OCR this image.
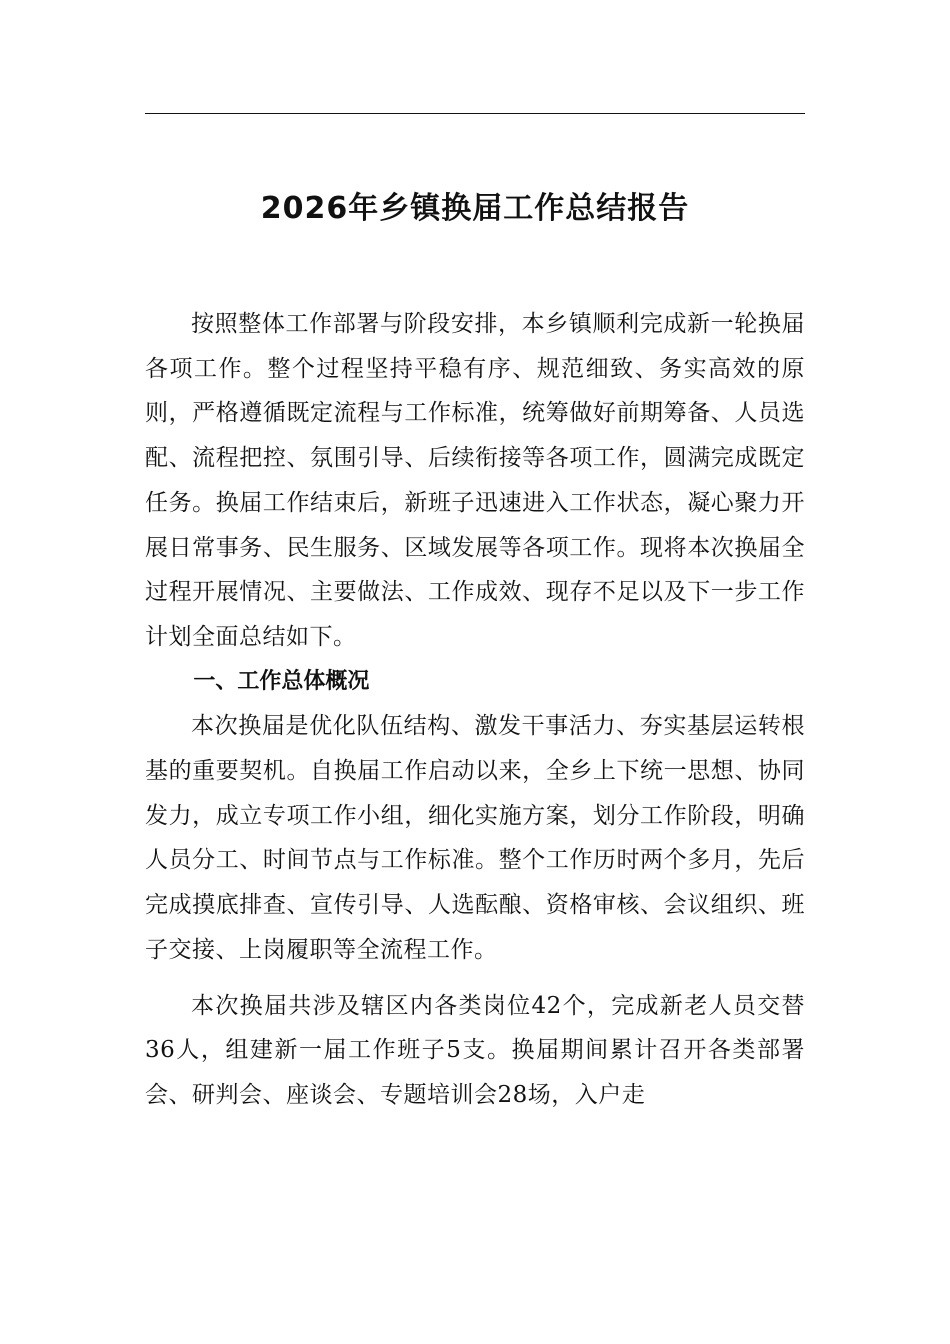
2026年乡镇换届工作总结报告

按照整体工作部署与阶段安排，本乡镇顺利完成新一轮换届各项工作。整个过程坚持平稳有序、规范细致、务实高效的原则，严格遵循既定流程与工作标准，统筹做好前期筹备、人员选配、流程把控、氛围引导、后续衔接等各项工作，圆满完成既定任务。换届工作结束后，新班子迅速进入工作状态，凝心聚力开展日常事务、民生服务、区域发展等各项工作。现将本次换届全过程开展情况、主要做法、工作成效、现存不足以及下一步工作计划全面总结如下。

一、工作总体概况

本次换届是优化队伍结构、激发干事活力、夯实基层运转根基的重要契机。自换届工作启动以来，全乡上下统一思想、协同发力，成立专项工作小组，细化实施方案，划分工作阶段，明确人员分工、时间节点与工作标准。整个工作历时两个多月，先后完成摸底排查、宣传引导、人选酝酿、资格审核、会议组织、班子交接、上岗履职等全流程工作。

本次换届共涉及辖区内各类岗位42个，完成新老人员交替36人，组建新一届工作班子5支。换届期间累计召开各类部署会、研判会、座谈会、专题培训会28场，入户走
